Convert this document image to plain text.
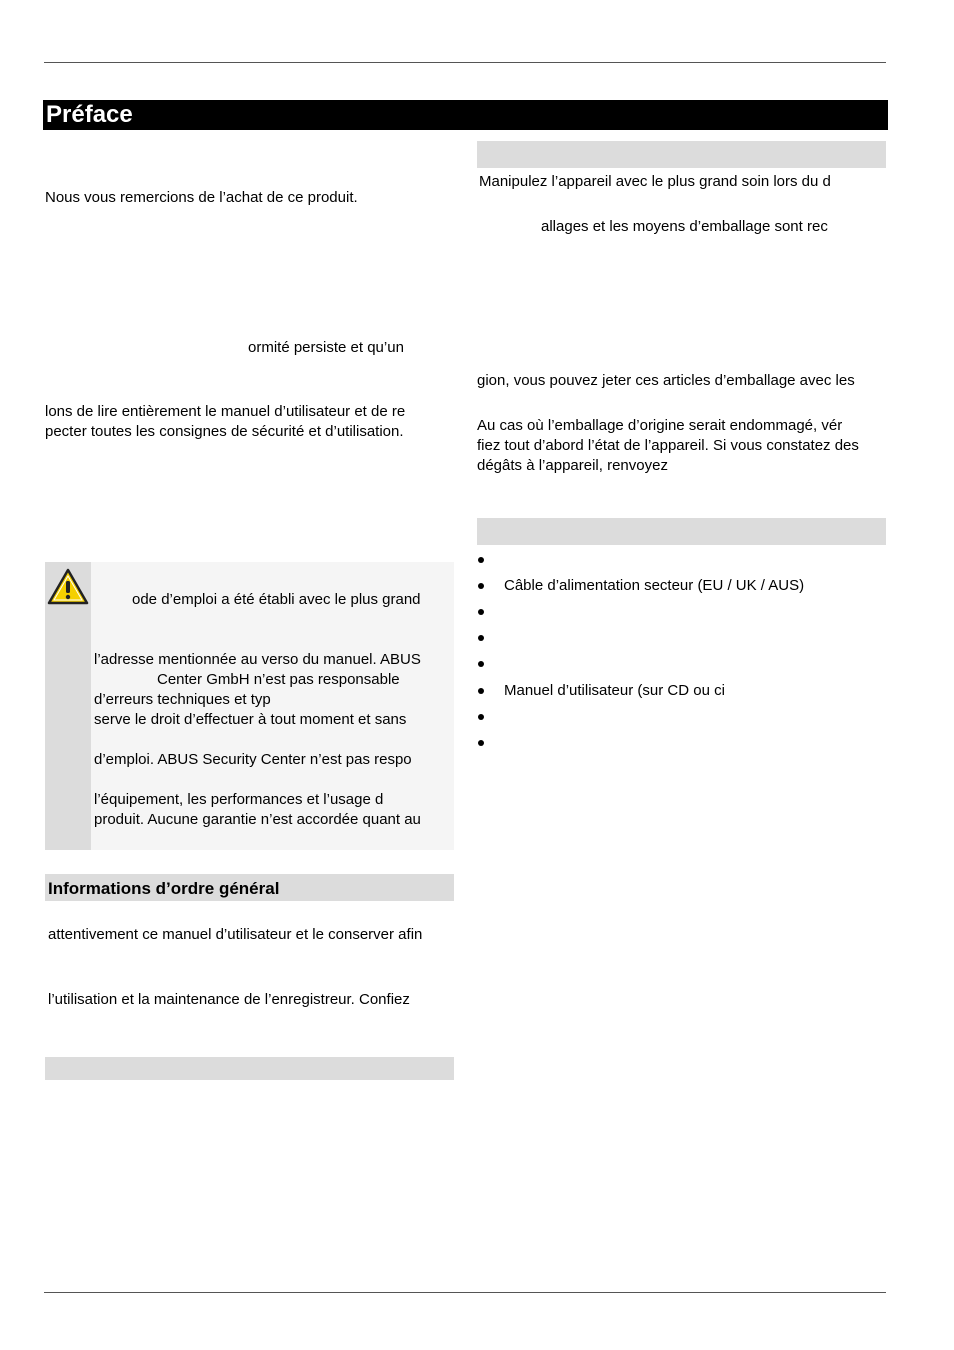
Préface
Nous vous remercions de l’achat de ce produit.
ormité persiste et qu’un
lons de lire entièrement le manuel d’utilisateur et de re
pecter toutes les consignes de sécurité et d’utilisation.
ode d’emploi a été établi avec le plus grand
l’adresse mentionnée au verso du manuel. ABUS
Center GmbH n’est pas responsable
d’erreurs techniques et typ
serve le droit d’effectuer à tout moment et sans
d’emploi. ABUS Security Center n’est pas respo
l’équipement, les performances et l’usage d
produit. Aucune garantie n’est accordée quant au
Informations d’ordre général
attentivement ce manuel d’utilisateur et le conserver afin
l’utilisation et la maintenance de l’enregistreur. Confiez
Manipulez l’appareil avec le plus grand soin lors du d
allages et les moyens d’emballage sont rec
gion, vous pouvez jeter ces articles d’emballage avec les
Au cas où l’emballage d’origine serait endommagé, vér
fiez tout d’abord l’état de l’appareil. Si vous constatez des
dégâts à l’appareil, renvoyez
Câble d’alimentation secteur (EU / UK / AUS)
Manuel d’utilisateur (sur CD ou ci
